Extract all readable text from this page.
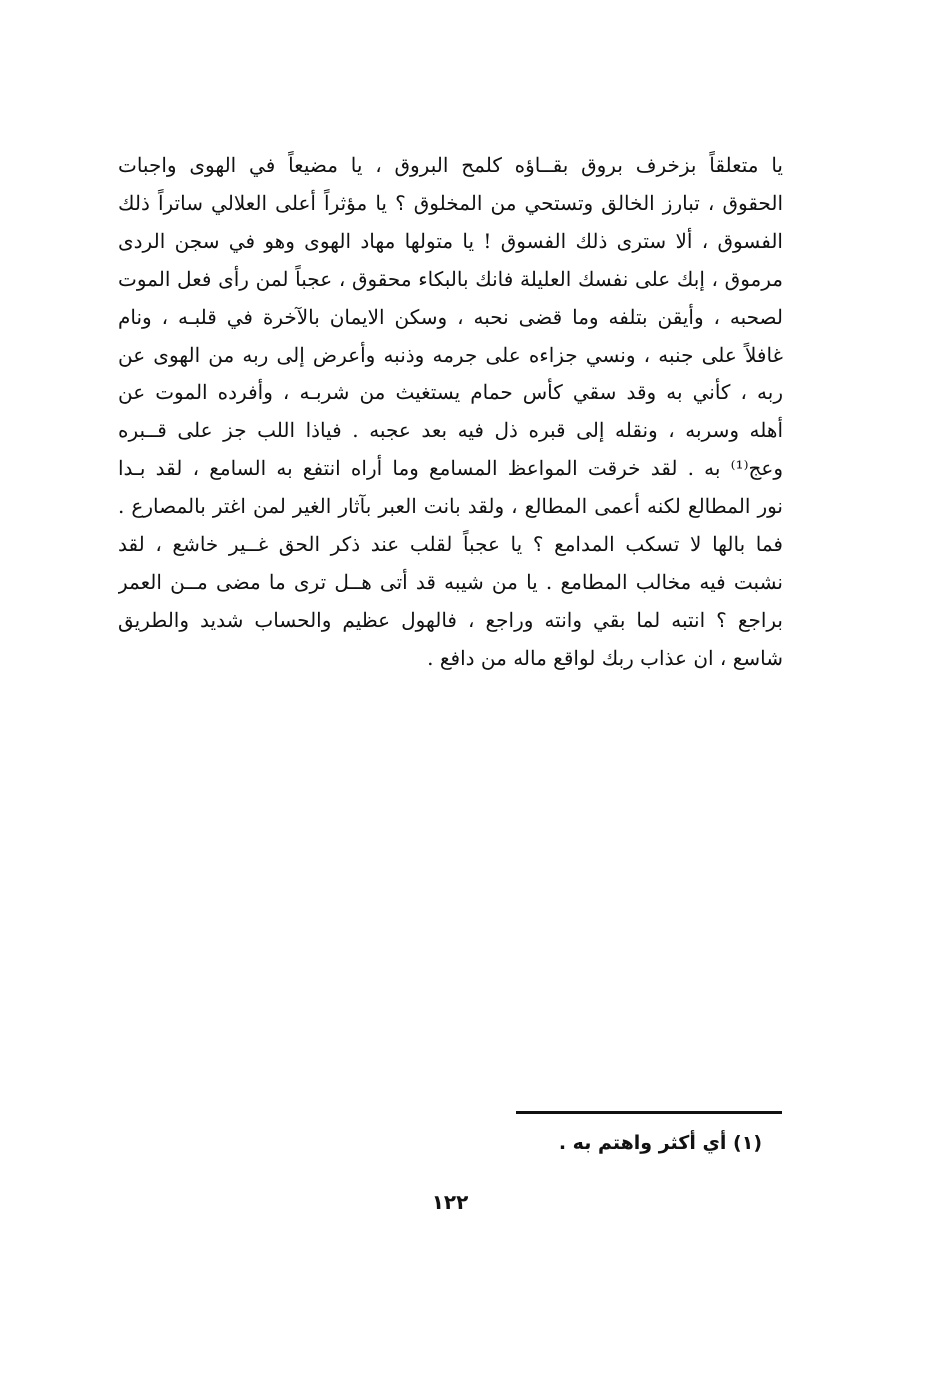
يا متعلقاً بزخرف بروق بقــاؤه كلمح البروق ، يا مضيعاً في الهوى واجبات
الحقوق ، تبارز الخالق وتستحي من المخلوق ؟ يا مؤثراً أعلى العلالي ساتراً ذلك
الفسوق ، ألا سترى ذلك الفسوق ! يا متولها مهاد الهوى وهو في سجن الردى
مرموق ، إبك على نفسك العليلة فانك بالبكاء محقوق ، عجباً لمن رأى فعل الموت
لصحبه ، وأيقن بتلفه وما قضى نحبه ، وسكن الايمان بالآخرة في قلبـه ، ونام
غافلاً على جنبه ، ونسي جزاءه على جرمه وذنبه وأعرض إلى ربه من الهوى عن
ربه ، كأني به وقد سقي كأس حمام يستغيث من شربـه ، وأفرده الموت عن
أهله وسربه ، ونقله إلى قبره ذل فيه بعد عجبه . فياذا اللب جز على قــبره
وعج⁽¹⁾ به . لقد خرقت المواعظ المسامع وما أراه انتفع به السامع ، لقد بـدا
نور المطالع لكنه أعمى المطالع ، ولقد بانت العبر بآثار الغير لمن اغتر بالمصارع .
فما بالها لا تسكب المدامع ؟ يا عجباً لقلب عند ذكر الحق غــير خاشع ، لقد
نشبت فيه مخالب المطامع . يا من شيبه قد أتى هــل ترى ما مضى مــن العمر
براجع ؟ انتبه لما بقي وانته وراجع ، فالهول عظيم والحساب شديد والطريق
شاسع ، ان عذاب ربك لواقع ماله من دافع .
(١) أي أكثر واهتم به .
١٢٢
